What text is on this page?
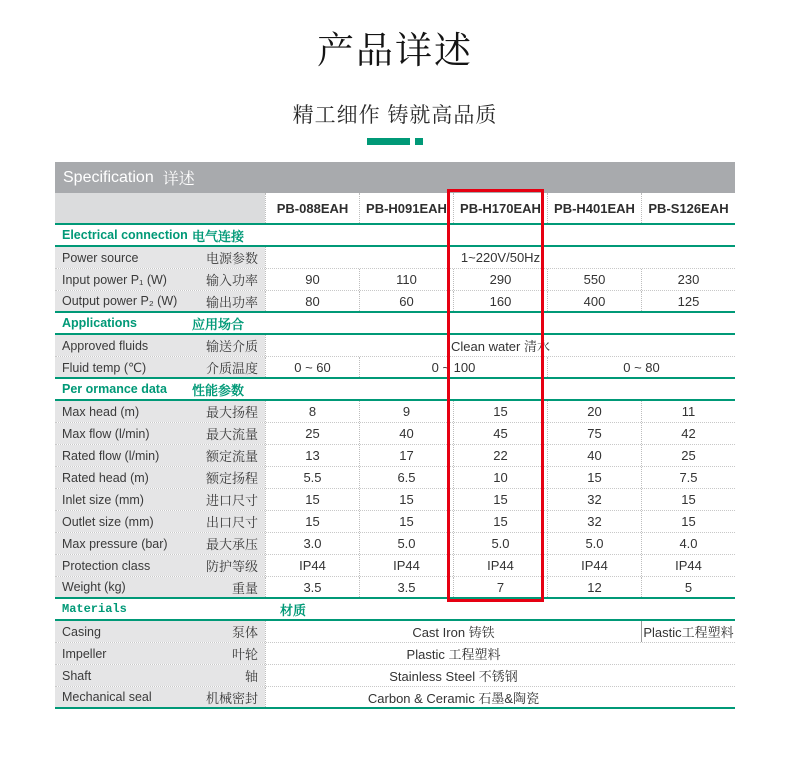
产品详述
精工细作 铸就高品质
Specification 详述
PB-088EAH	PB-H091EAH	PB-H170EAH	PB-H401EAH	PB-S126EAH
Electrical connection 电气连接
Power source	电源参数	1~220V/50Hz
Input power P₁ (W)	输入功率	90	110	290	550	230
Output power P₂ (W) 输出功率	80	60	160	400	125
Applications	应用场合
Approved fluids	输送介质	Clean water 清水
Fluid temp (℃)	介质温度	0 ~ 60	0 ~ 100	0 ~ 80
Per ormance data	性能参数
Max head (m)	最大扬程	8	9	15	20	11
Max flow (l/min)	最大流量	25	40	45	75	42
Rated flow (l/min)	额定流量	13	17	22	40	25
Rated head (m)	额定扬程	5.5	6.5	10	15	7.5
Inlet size (mm)	进口尺寸	15	15	15	32	15
Outlet size (mm)	出口尺寸	15	15	15	32	15
Max pressure (bar)	最大承压	3.0	5.0	5.0	5.0	4.0
Protection class	防护等级	IP44	IP44	IP44	IP44	IP44
Weight (kg)	重量	3.5	3.5	7	12	5
Materials	材质
Casing	泵体	Cast Iron 铸铁	Plastic工程塑料
Impeller	叶轮	Plastic 工程塑料
Shaft	轴	Stainless Steel 不锈钢
Mechanical seal	机械密封	Carbon & Ceramic 石墨&陶瓷
